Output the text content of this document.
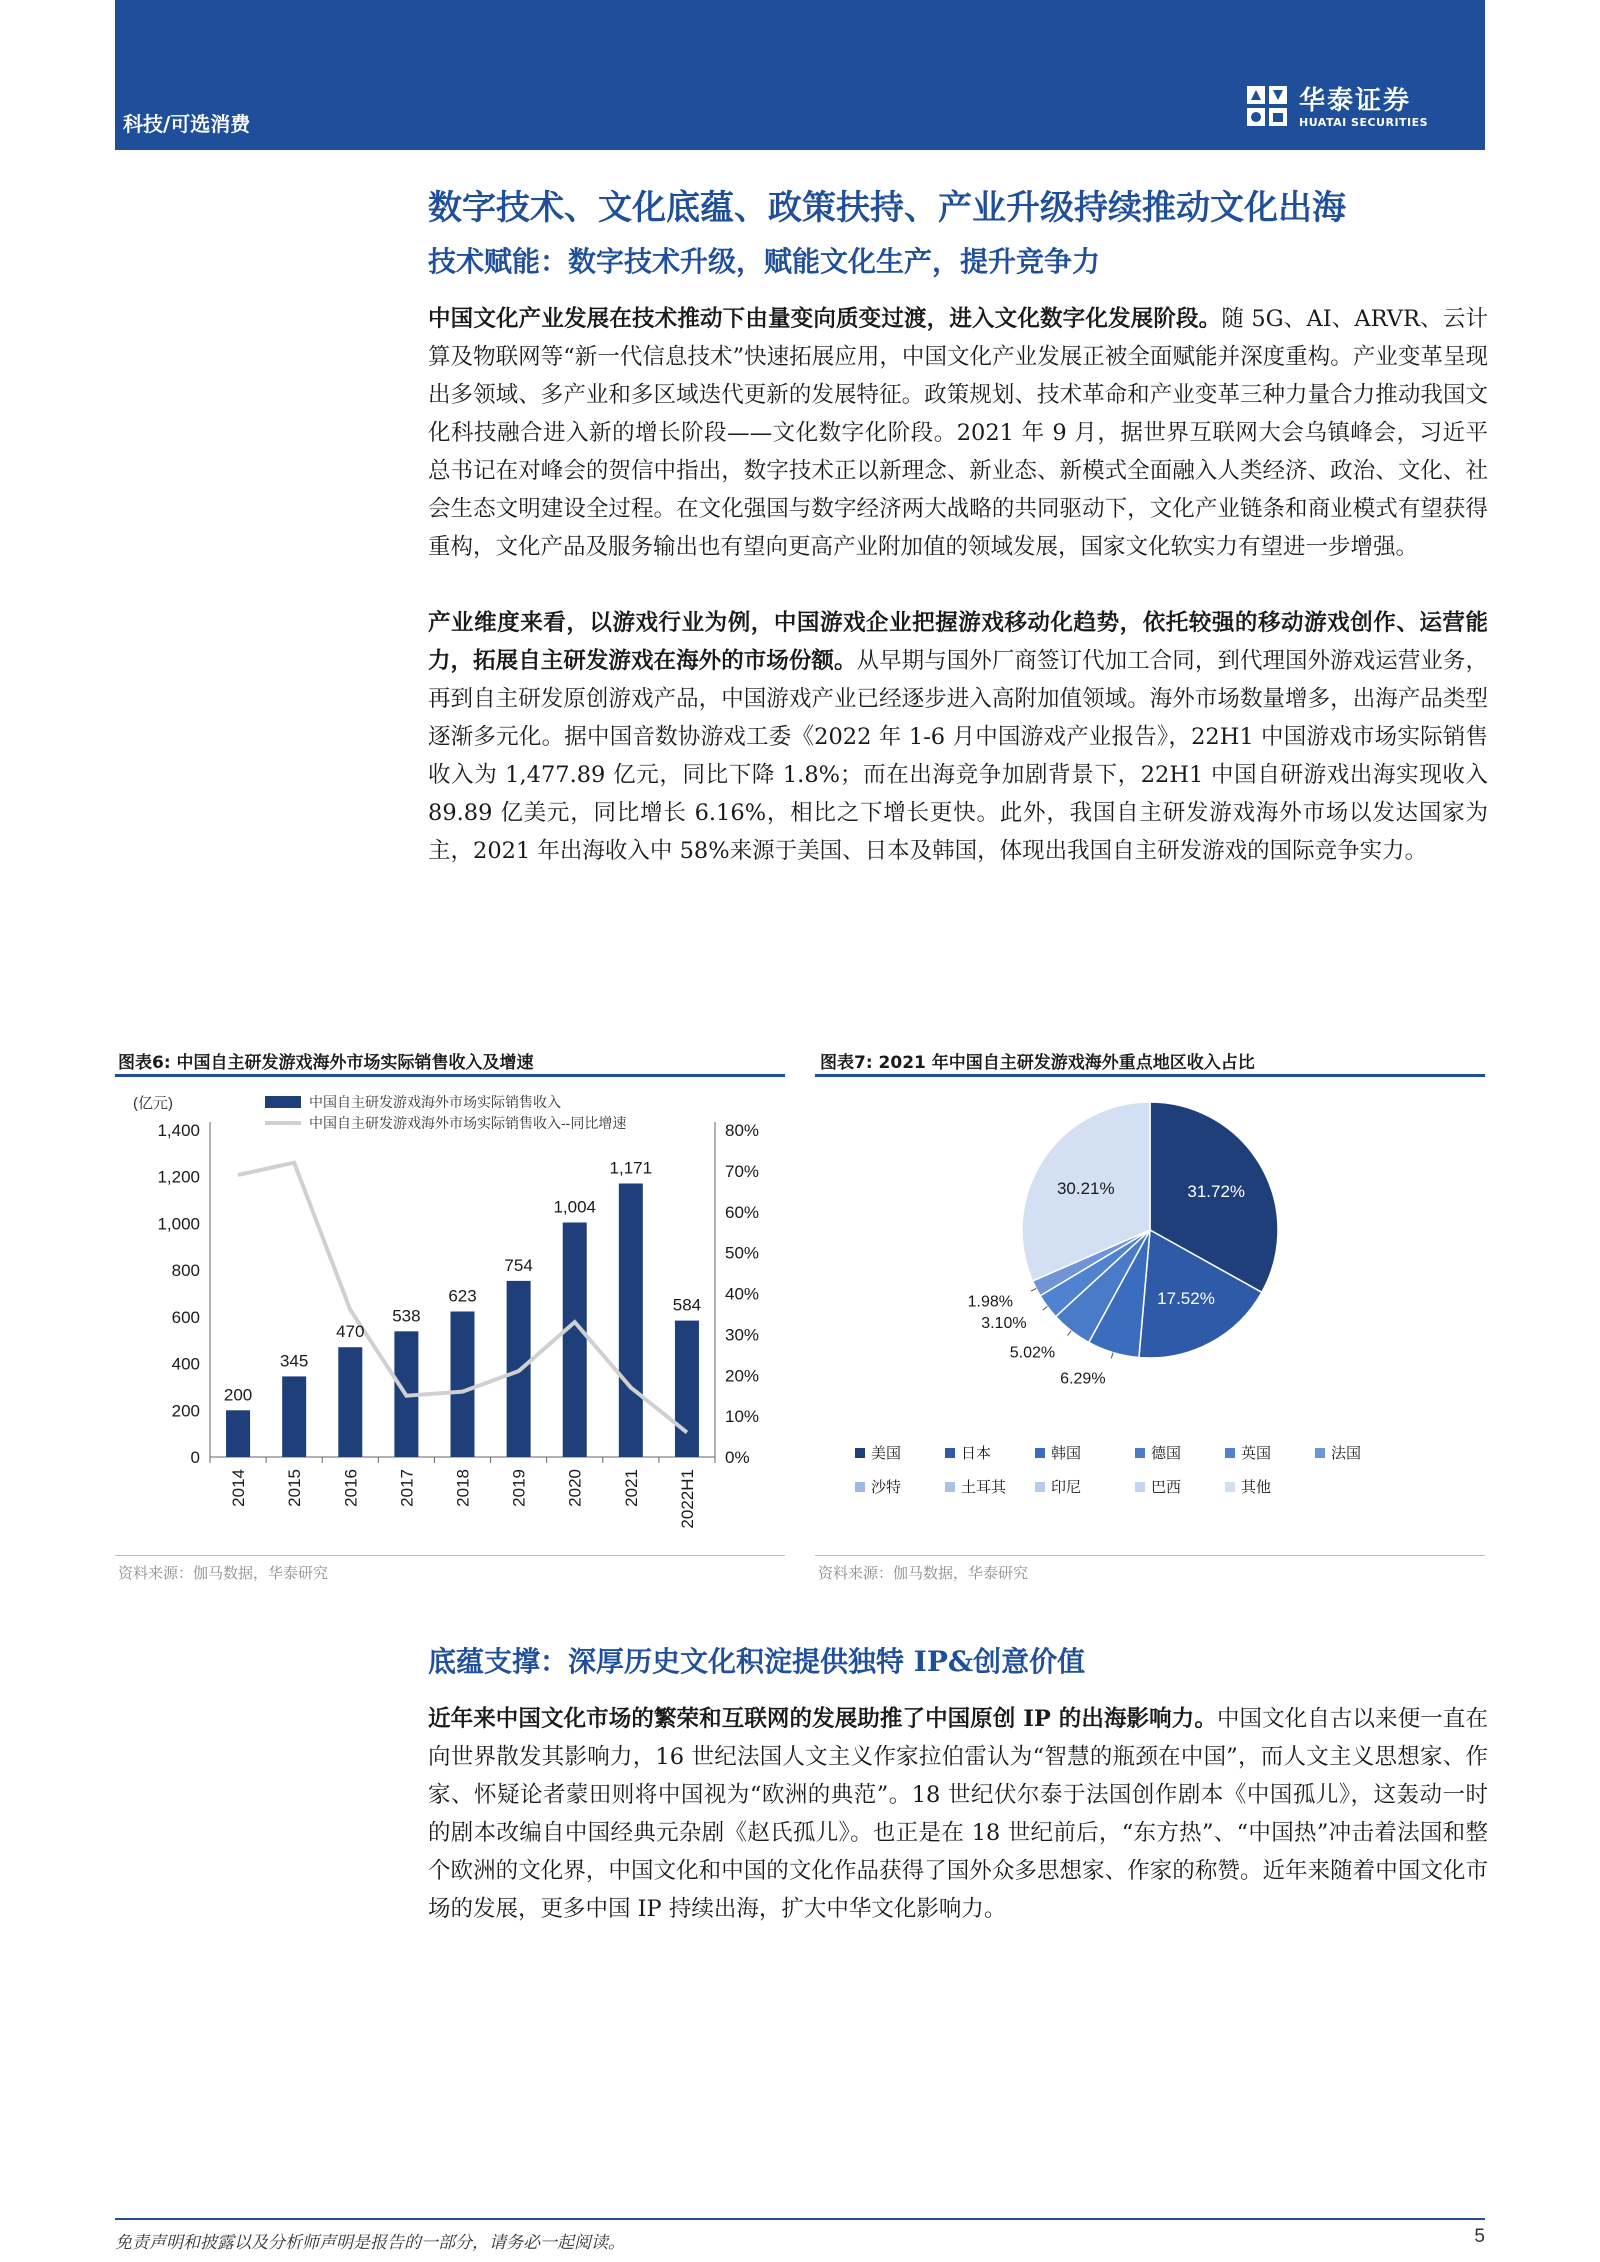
科技/可选消费
华泰证券
HUATAI SECURITIES
数字技术、文化底蕴、政策扶持、产业升级持续推动文化出海
技术赋能：数字技术升级，赋能文化生产，提升竞争力

中国文化产业发展在技术推动下由量变向质变过渡，进入文化数字化发展阶段。随 5G、AI、ARVR、云计算及物联网等“新一代信息技术”快速拓展应用，中国文化产业发展正被全面赋能并深度重构。产业变革呈现出多领域、多产业和多区域迭代更新的发展特征。政策规划、技术革命和产业变革三种力量合力推动我国文化科技融合进入新的增长阶段——文化数字化阶段。2021 年 9 月，据世界互联网大会乌镇峰会，习近平总书记在对峰会的贺信中指出，数字技术正以新理念、新业态、新模式全面融入人类经济、政治、文化、社会生态文明建设全过程。在文化强国与数字经济两大战略的共同驱动下，文化产业链条和商业模式有望获得重构，文化产品及服务输出也有望向更高产业附加值的领域发展，国家文化软实力有望进一步增强。

产业维度来看，以游戏行业为例，中国游戏企业把握游戏移动化趋势，依托较强的移动游戏创作、运营能力，拓展自主研发游戏在海外的市场份额。从早期与国外厂商签订代加工合同，到代理国外游戏运营业务，再到自主研发原创游戏产品，中国游戏产业已经逐步进入高附加值领域。海外市场数量增多，出海产品类型逐渐多元化。据中国音数协游戏工委《2022 年 1-6 月中国游戏产业报告》，22H1 中国游戏市场实际销售收入为 1,477.89 亿元，同比下降 1.8%；而在出海竞争加剧背景下，22H1 中国自研游戏出海实现收入 89.89 亿美元，同比增长 6.16%，相比之下增长更快。此外，我国自主研发游戏海外市场以发达国家为主，2021 年出海收入中 58%来源于美国、日本及韩国，体现出我国自主研发游戏的国际竞争实力。

图表6: 中国自主研发游戏海外市场实际销售收入及增速
中国自主研发游戏海外市场实际销售收入
中国自主研发游戏海外市场实际销售收入--同比增速
(亿元)
0
200
400
600
800
1,000
1,200
1,400
0%
10%
20%
30%
40%
50%
60%
70%
80%
2014 2015 2016 2017 2018 2019 2020 2021 2022H1
200
345
470
538
623
754
1,004
1,171
584
资料来源：伽马数据，华泰研究
图表7: 2021 年中国自主研发游戏海外重点地区收入占比
31.72%
17.52%
6.29%
5.02%
3.10%
1.98%
30.21%
美国	日本	韩国	德国	英国	法国
沙特	土耳其	印尼	巴西	其他
资料来源：伽马数据，华泰研究
底蕴支撑：深厚历史文化积淀提供独特 IP&创意价值

近年来中国文化市场的繁荣和互联网的发展助推了中国原创 IP 的出海影响力。中国文化自古以来便一直在向世界散发其影响力，16 世纪法国人文主义作家拉伯雷认为“智慧的瓶颈在中国”，而人文主义思想家、作家、怀疑论者蒙田则将中国视为“欧洲的典范”。18 世纪伏尔泰于法国创作剧本《中国孤儿》，这轰动一时的剧本改编自中国经典元杂剧《赵氏孤儿》。也正是在 18 世纪前后，“东方热”、“中国热”冲击着法国和整个欧洲的文化界，中国文化和中国的文化作品获得了国外众多思想家、作家的称赞。近年来随着中国文化市场的发展，更多中国 IP 持续出海，扩大中华文化影响力。

免责声明和披露以及分析师声明是报告的一部分，请务必一起阅读。	5
